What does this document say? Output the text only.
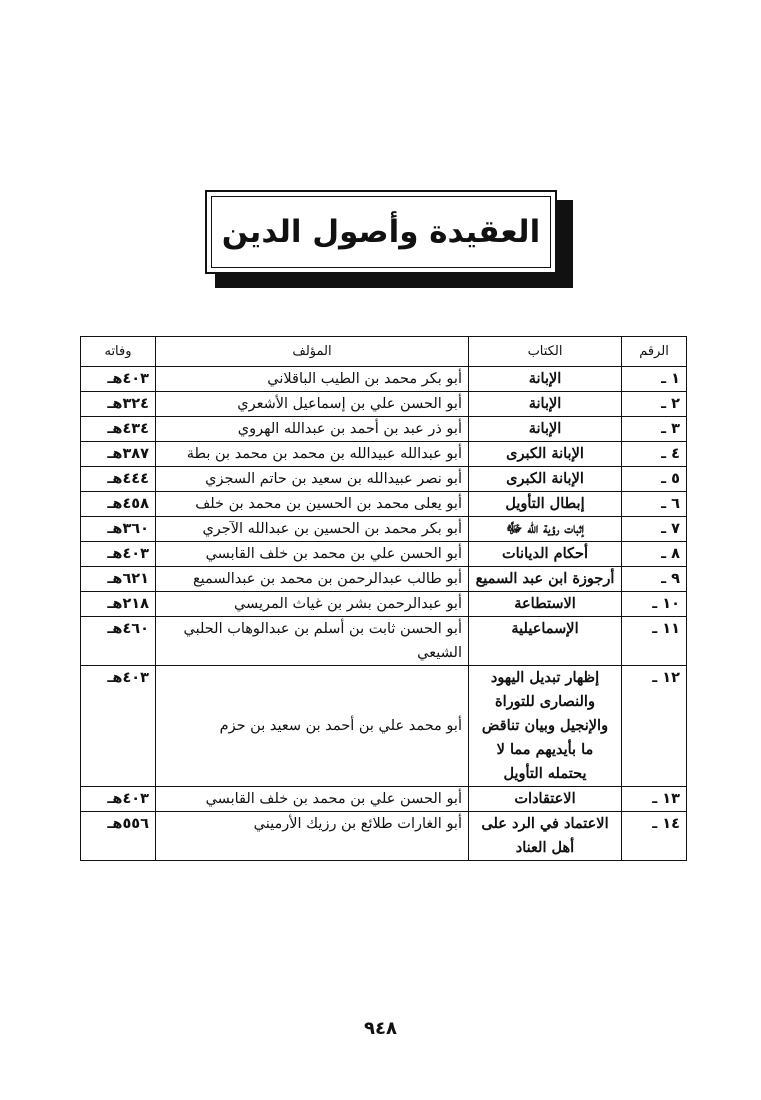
العقيدة وأصول الدين
الرقم	الكتاب	المؤلف	وفاته
١ ـ	الإبانة	أبو بكر محمد بن الطيب الباقلاني	٤٠٣هـ
٢ ـ	الإبانة	أبو الحسن علي بن إسماعيل الأشعري	٣٢٤هـ
٣ ـ	الإبانة	أبو ذر عبد بن أحمد بن عبدالله الهروي	٤٣٤هـ
٤ ـ	الإبانة الكبرى	أبو عبدالله عبيدالله بن محمد بن محمد بن بطة	٣٨٧هـ
٥ ـ	الإبانة الكبرى	أبو نصر عبيدالله بن سعيد بن حاتم السجزي	٤٤٤هـ
٦ ـ	إبطال التأويل	أبو يعلى محمد بن الحسين بن محمد بن خلف	٤٥٨هـ
٧ ـ	إثبات رؤية الله ﷻ	أبو بكر محمد بن الحسين بن عبدالله الآجري	٣٦٠هـ
٨ ـ	أحكام الديانات	أبو الحسن علي بن محمد بن خلف القابسي	٤٠٣هـ
٩ ـ	أرجوزة ابن عبد السميع	أبو طالب عبدالرحمن بن محمد بن عبدالسميع	٦٢١هـ
١٠ ـ	الاستطاعة	أبو عبدالرحمن بشر بن غياث المريسي	٢١٨هـ
١١ ـ	الإسماعيلية	أبو الحسن ثابت بن أسلم بن عبدالوهاب الحلبي الشيعي	٤٦٠هـ
١٢ ـ	إظهار تبديل اليهود والنصارى للتوراة والإنجيل وبيان تناقض ما بأيديهم مما لا يحتمله التأويل	أبو محمد علي بن أحمد بن سعيد بن حزم	٤٠٣هـ
١٣ ـ	الاعتقادات	أبو الحسن علي بن محمد بن خلف القابسي	٤٠٣هـ
١٤ ـ	الاعتماد في الرد على أهل العناد	أبو الغارات طلائع بن رزيك الأرميني	٥٥٦هـ
٩٤٨
